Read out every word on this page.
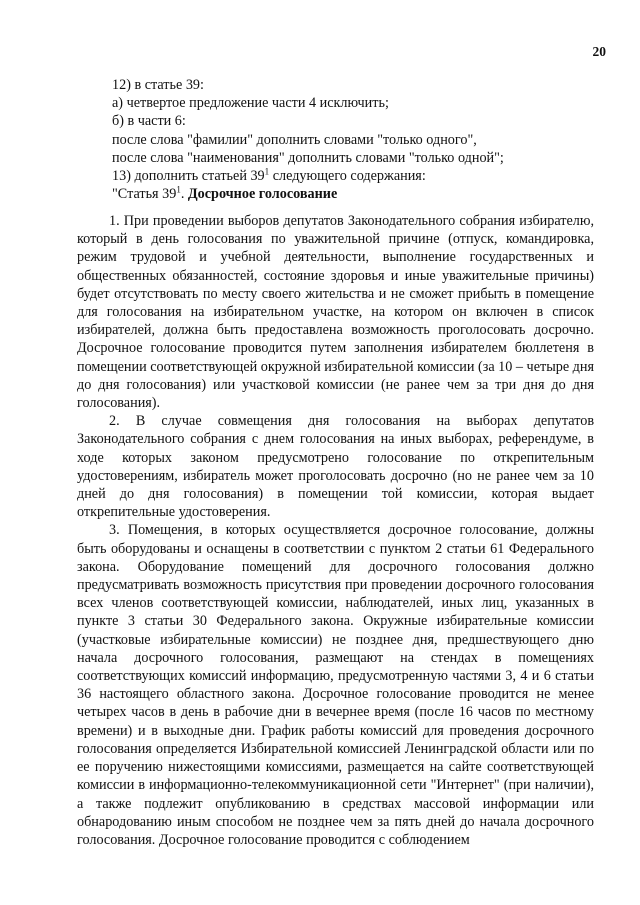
20
12) в статье 39:
а) четвертое предложение части 4 исключить;
б) в части 6:
после слова "фамилии" дополнить словами "только одного",
после слова "наименования" дополнить словами "только одной";
13) дополнить статьей $39^1$ следующего содержания:
"Статья $39^1$. Досрочное голосование

1. При проведении выборов депутатов Законодательного собрания избирателю, который в день голосования по уважительной причине (отпуск, командировка, режим трудовой и учебной деятельности, выполнение государственных и общественных обязанностей, состояние здоровья и иные уважительные причины) будет отсутствовать по месту своего жительства и не сможет прибыть в помещение для голосования на избирательном участке, на котором он включен в список избирателей, должна быть предоставлена возможность проголосовать досрочно. Досрочное голосование проводится путем заполнения избирателем бюллетеня в помещении соответствующей окружной избирательной комиссии (за 10 – четыре дня до дня голосования) или участковой комиссии (не ранее чем за три дня до дня голосования).

2. В случае совмещения дня голосования на выборах депутатов Законодательного собрания с днем голосования на иных выборах, референдуме, в ходе которых законом предусмотрено голосование по открепительным удостоверениям, избиратель может проголосовать досрочно (но не ранее чем за 10 дней до дня голосования) в помещении той комиссии, которая выдает открепительные удостоверения.

3. Помещения, в которых осуществляется досрочное голосование, должны быть оборудованы и оснащены в соответствии с пунктом 2 статьи 61 Федерального закона. Оборудование помещений для досрочного голосования должно предусматривать возможность присутствия при проведении досрочного голосования всех членов соответствующей комиссии, наблюдателей, иных лиц, указанных в пункте 3 статьи 30 Федерального закона. Окружные избирательные комиссии (участковые избирательные комиссии) не позднее дня, предшествующего дню начала досрочного голосования, размещают на стендах в помещениях соответствующих комиссий информацию, предусмотренную частями 3, 4 и 6 статьи 36 настоящего областного закона. Досрочное голосование проводится не менее четырех часов в день в рабочие дни в вечернее время (после 16 часов по местному времени) и в выходные дни. График работы комиссий для проведения досрочного голосования определяется Избирательной комиссией Ленинградской области или по ее поручению нижестоящими комиссиями, размещается на сайте соответствующей комиссии в информационно-телекоммуникационной сети "Интернет" (при наличии), а также подлежит опубликованию в средствах массовой информации или обнародованию иным способом не позднее чем за пять дней до начала досрочного голосования. Досрочное голосование проводится с соблюдением
